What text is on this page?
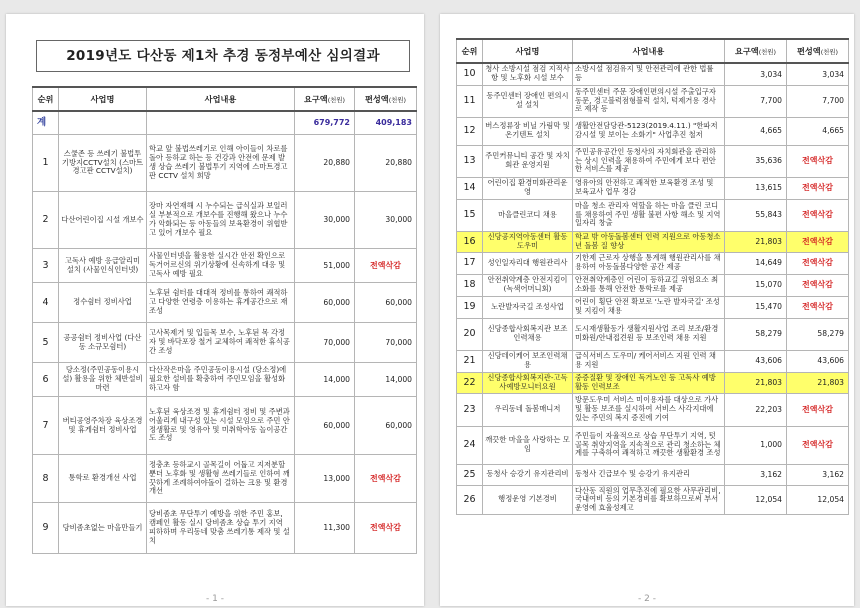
2019년도 다산동 제1차 추경 동정부예산 심의결과
순위	사업명	사업내용	요구액(천원)	편성액(천원)
계			679,772	409,183
1	스쿨존 등 쓰레기 불법투기방지CCTV설치 (스마트경고판 CCTV설치)	학교 앞 불법쓰레기로 인해 아이들이 차로를 돌아 등하교 하는 등 건강과 안전에 문제 발생 상습 쓰레기 불법투기 지역에 스마트경고판 CCTV 설치 희망	20,880	20,880
2	다산어린이집 시설 개보수	장마 자연재해 시 누수되는 급식실과 보일러실 부분적으로 개보수를 진행해 왔으나 누수가 악화되는 등 아동들의 보육환경이 위협받고 있어 개보수 필요	30,000	30,000
3	고독사 예방 응급알리미 설치 (사물인식인터넷)	사물인터넷을 활용한 실시간 안전 확인으로 독거어르신의 위기상황에 신속하게 대응 및 고독사 예방 필요	51,000	전액삭감
4	정수쉼터 정비사업	노후된 쉼터를 대대적 정비를 통하여 쾌적하고 다양한 연령층 이용하는 휴게공간으로 재조성	60,000	60,000
5	공공쉼터 정비사업 (다산동 소규모쉼터)	고사목제거 및 입들목 보수, 노후된 목 각정자 및 바닥포장 철거 교체하여 쾌적한 휴식공간 조성	70,000	70,000
6	당소정(주민공동이용시설) 활용을 위한 체반설비 마련	다산작은마을 주민공동이용시설 (당소정)에 필요한 설비를 확충하여 주민모임을 활성화하고자 함	14,000	14,000
7	버티공영주차장 육상조경 및 휴게쉼터 정비사업	노후된 육상조경 및 휴게쉼터 정비 및 주변과 어울리게 내구성 있는 시설 모임으로 주민 안정생활로 및 영유아 및 미취학아동 놀이공간도 조성	60,000	60,000
8	통학로 환경개선 사업	정충초 등하교시 골목길이 어둡고 지저분할 뿐더 노후화 및 생활형 쓰레기들로 인하여 깨끗하게 조례하여야돌이 걸하는 크용 및 환경개선	13,000	전액삭감
9	당비좀초없는 마을만들기	당비좀초 무단투기 예방을 위한 주민 홍보, 캠페인 활동 실시 당비좀초 상습 투기 지역 피하하며 우리동네 맞춤 쓰레기통 제작 및 설치	11,300	전액삭감
- 1 -
순위	사업명	사업내용	요구액(천원)	편성액(천원)
10	청사 소방시설 점검 지적사항 및 노후화 시설 보수	소방시설 점검유지 및 안전관리에 관한 법률 등	3,034	3,034
11	동주민센터 장애인 편의시설 설치	동주민센터 주문 장애인편의시설 주출입구자동문, 경고블럭점형블럭 설치, 턱제거용 경사로 제작 등	7,700	7,700
12	버스정류장 비닐 가림막 및 온기텐트 설치	생활안전담당관-5123(2019.4.11.) "한파저감시설 및 보이는 소화기" 사업추진 철저	4,665	4,665
13	주민커뮤니티 공간 및 자치회관 운영지원	주민공유공간인 동청사의 자치회관을 관리하는 상시 인력을 채용하여 주민에게 보다 편안한 서비스를 제공	35,636	전액삭감
14	어린이집 환경미화관리운영	영유아의 안전하고 쾌적한 보육환경 조성 및 보육교사 업무 경감	13,615	전액삭감
15	마을클린코디 채용	마을 청소 관리자 역할을 하는 마을 클린 코디를 채용하여 주민 생활 불편 사항 해소 및 지역 일자리 창출	55,843	전액삭감
16	신당공지역아동센터 활동도우미	학교 밖 아동돌봄센터 인력 지원으로 아동청소년 돌봄 질 향상	21,803	전액삭감
17	성인일자리대 행원관리사	기한제 근로자 상행을 통계해 행원관리사를 채용하여 아동돌봄다양한 공간 제공	14,649	전액삭감
18	안전취약계층 안전지킴이 (녹색어머니회)	안전취약계층인 어린이 등하교길 위험요소 최소화를 통해 안전한 통학로를 제공	15,070	전액삭감
19	노란발자국길 조성사업	어린이 횡단 안전 확보로 '노란 발자국길' 조성 및 지킴이 채용	15,470	전액삭감
20	신당종합사회복지관 보조인력채용	도시재생활동가 생활지원사업 조리 보조/환경미화원/안내접견원 등 보조인력 채용 지원	58,279	58,279
21	신당데이케어 보조인력채용	급식서비스 도우미/ 케어서비스 지원 인력 채용 지원	43,606	43,606
22	신당종합사회복지관-고독사예방모니터요원	중증질환 및 장애인 독거노인 등 고독사 예방활동 인력보조	21,803	21,803
23	우리동네 돌봄매니저	방문도우미 서비스 미이용자를 대상으로 가사 및 활동 보조를 실시하여 서비스 사각지대에 있는 주민의 복지 증진에 기여	22,203	전액삭감
24	깨끗한 마을을 사랑하는 모임	주민들이 자율적으로 상습 무단투기 지역, 텃골목 취약지역을 지속적으로 관리 청소하는 체계를 구축하여 쾌적하고 깨끗한 생활환경 조성	1,000	전액삭감
25	동청사 승강기 유지관리비	동청사 긴급보수 및 승강기 유지관리	3,162	3,162
26	행정운영 기본경비	다산동 직원의 업무추진에 필요한 사무관리비, 국내여비 등의 기본경비를 확보하므로써 부서 운영에 효율성제고	12,054	12,054
- 2 -
